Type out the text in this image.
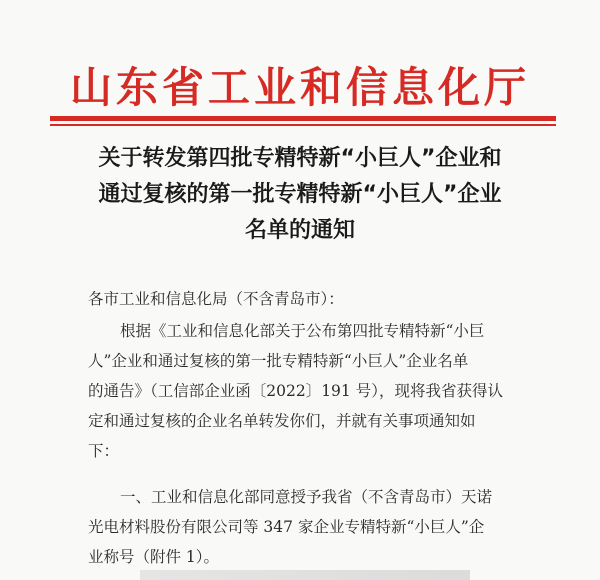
山东省工业和信息化厅
关于转发第四批专精特新“小巨人”企业和
通过复核的第一批专精特新“小巨人”企业
名单的通知
各市工业和信息化局（不含青岛市）：
根据《工业和信息化部关于公布第四批专精特新“小巨
人”企业和通过复核的第一批专精特新“小巨人”企业名单
的通告》（工信部企业函〔2022〕191 号），现将我省获得认
定和通过复核的企业名单转发你们，并就有关事项通知如
下：
一、工业和信息化部同意授予我省（不含青岛市）天诺
光电材料股份有限公司等 347 家企业专精特新“小巨人”企
业称号（附件 1）。
